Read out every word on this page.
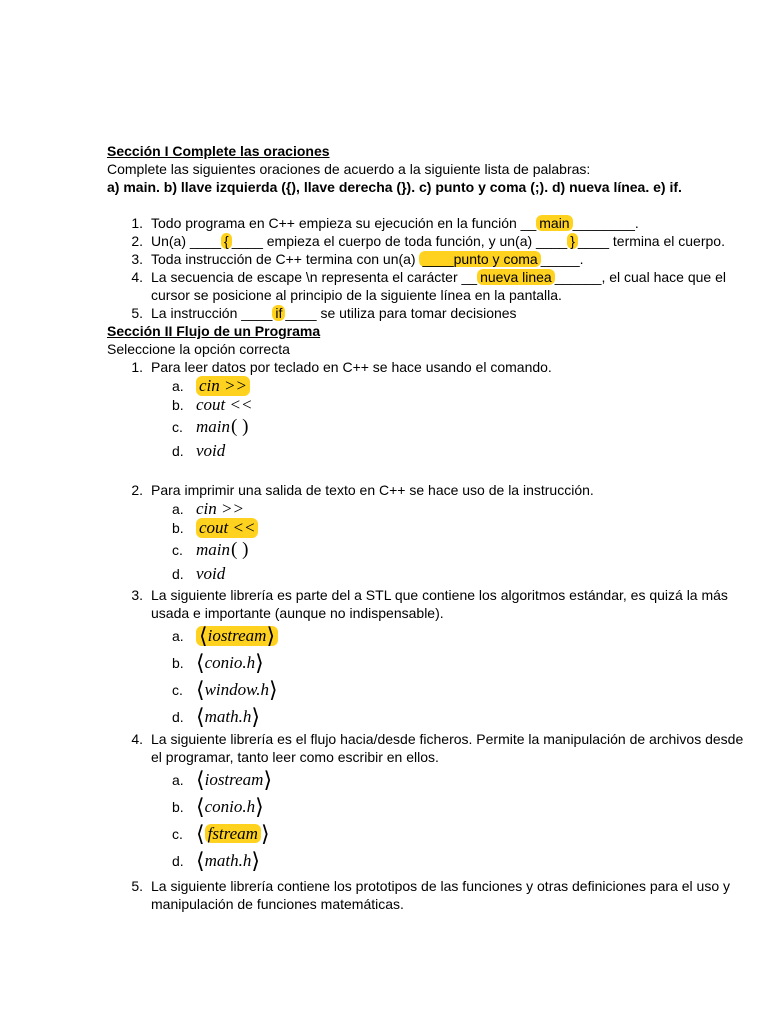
Sección I Complete las oraciones
Complete las siguientes oraciones de acuerdo a la siguiente lista de palabras:
a) main. b) llave izquierda ({), llave derecha (}). c) punto y coma (;). d) nueva línea. e) if.
1. Todo programa en C++ empieza su ejecución en la función __ main ________.
2. Un(a) ____ { ____ empieza el cuerpo de toda función, y un(a) ____ } ____ termina el cuerpo.
3. Toda instrucción de C++ termina con un(a) ____punto y coma _____.
4. La secuencia de escape \n representa el carácter __ nueva linea ______, el cual hace que el cursor se posicione al principio de la siguiente línea en la pantalla.
5. La instrucción ____ if ____ se utiliza para tomar decisiones
Sección II Flujo de un Programa
Seleccione la opción correcta
1. Para leer datos por teclado en C++ se hace usando el comando.
a. cin >>
b. cout <<
c. main ( )
d. void
2. Para imprimir una salida de texto en C++ se hace uso de la instrucción.
a. cin >>
b. cout <<
c. main ( )
d. void
3. La siguiente librería es parte del a STL que contiene los algoritmos estándar, es quizá la más usada e importante (aunque no indispensable).
a. ⟨iostream⟩
b. ⟨conio.h⟩
c. ⟨window.h⟩
d. ⟨math.h⟩
4. La siguiente librería es el flujo hacia/desde ficheros. Permite la manipulación de archivos desde el programar, tanto leer como escribir en ellos.
a. ⟨iostream⟩
b. ⟨conio.h⟩
c. ⟨ fstream ⟩
d. ⟨math.h⟩
5. La siguiente librería contiene los prototipos de las funciones y otras definiciones para el uso y manipulación de funciones matemáticas.
